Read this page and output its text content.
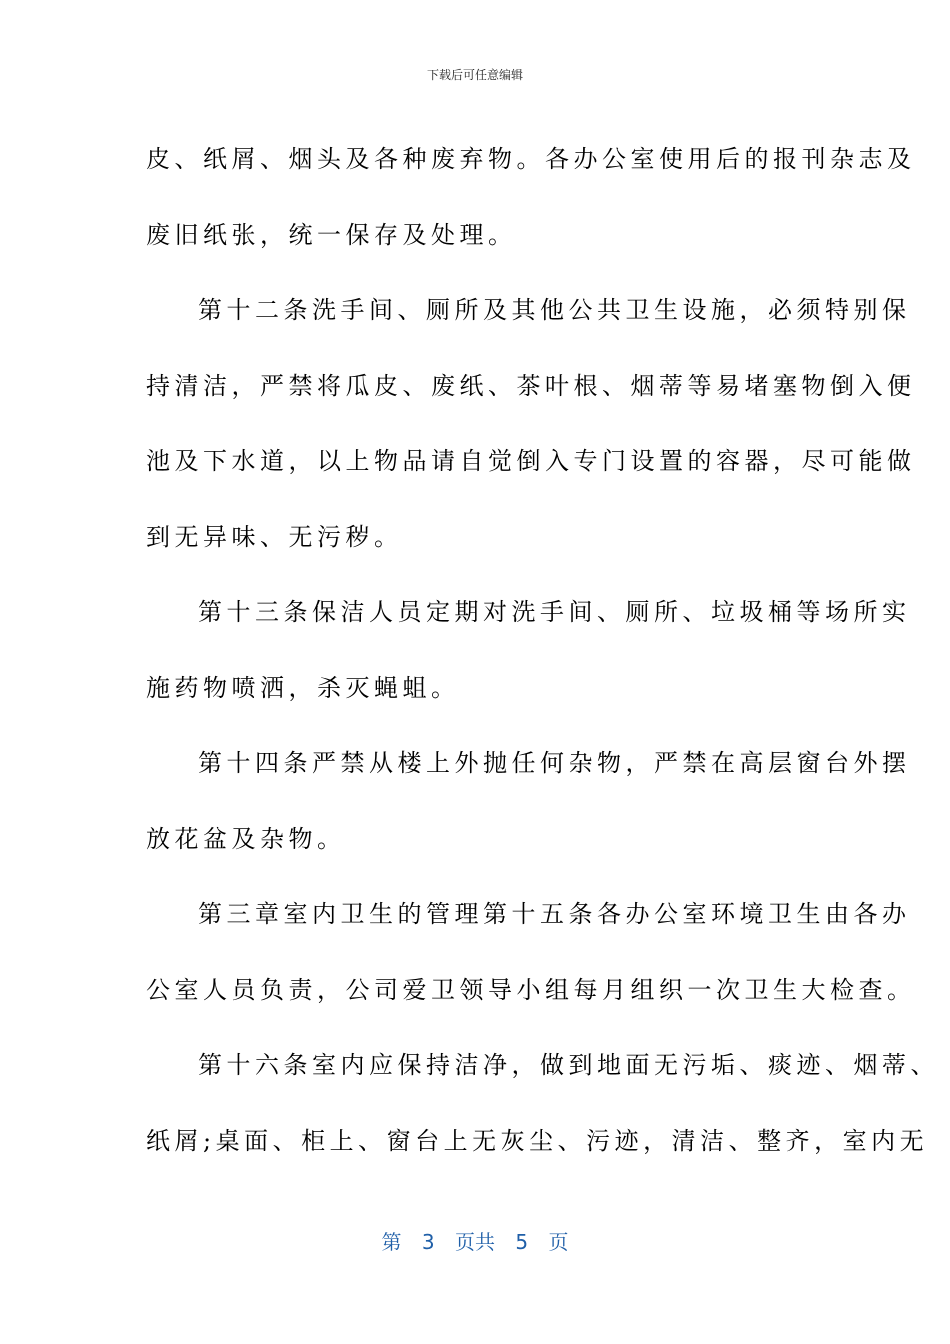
下载后可任意编辑

皮、纸屑、烟头及各种废弃物。各办公室使用后的报刊杂志及

废旧纸张，统一保存及处理。

第十二条洗手间、厕所及其他公共卫生设施，必须特别保

持清洁，严禁将瓜皮、废纸、茶叶根、烟蒂等易堵塞物倒入便

池及下水道，以上物品请自觉倒入专门设置的容器，尽可能做

到无异味、无污秽。

第十三条保洁人员定期对洗手间、厕所、垃圾桶等场所实

施药物喷洒，杀灭蝇蛆。

第十四条严禁从楼上外抛任何杂物，严禁在高层窗台外摆

放花盆及杂物。

第三章室内卫生的管理第十五条各办公室环境卫生由各办

公室人员负责，公司爱卫领导小组每月组织一次卫生大检查。

第十六条室内应保持洁净，做到地面无污垢、痰迹、烟蒂、

纸屑;桌面、柜上、窗台上无灰尘、污迹，清洁、整齐，室内无

第 3 页共 5 页
